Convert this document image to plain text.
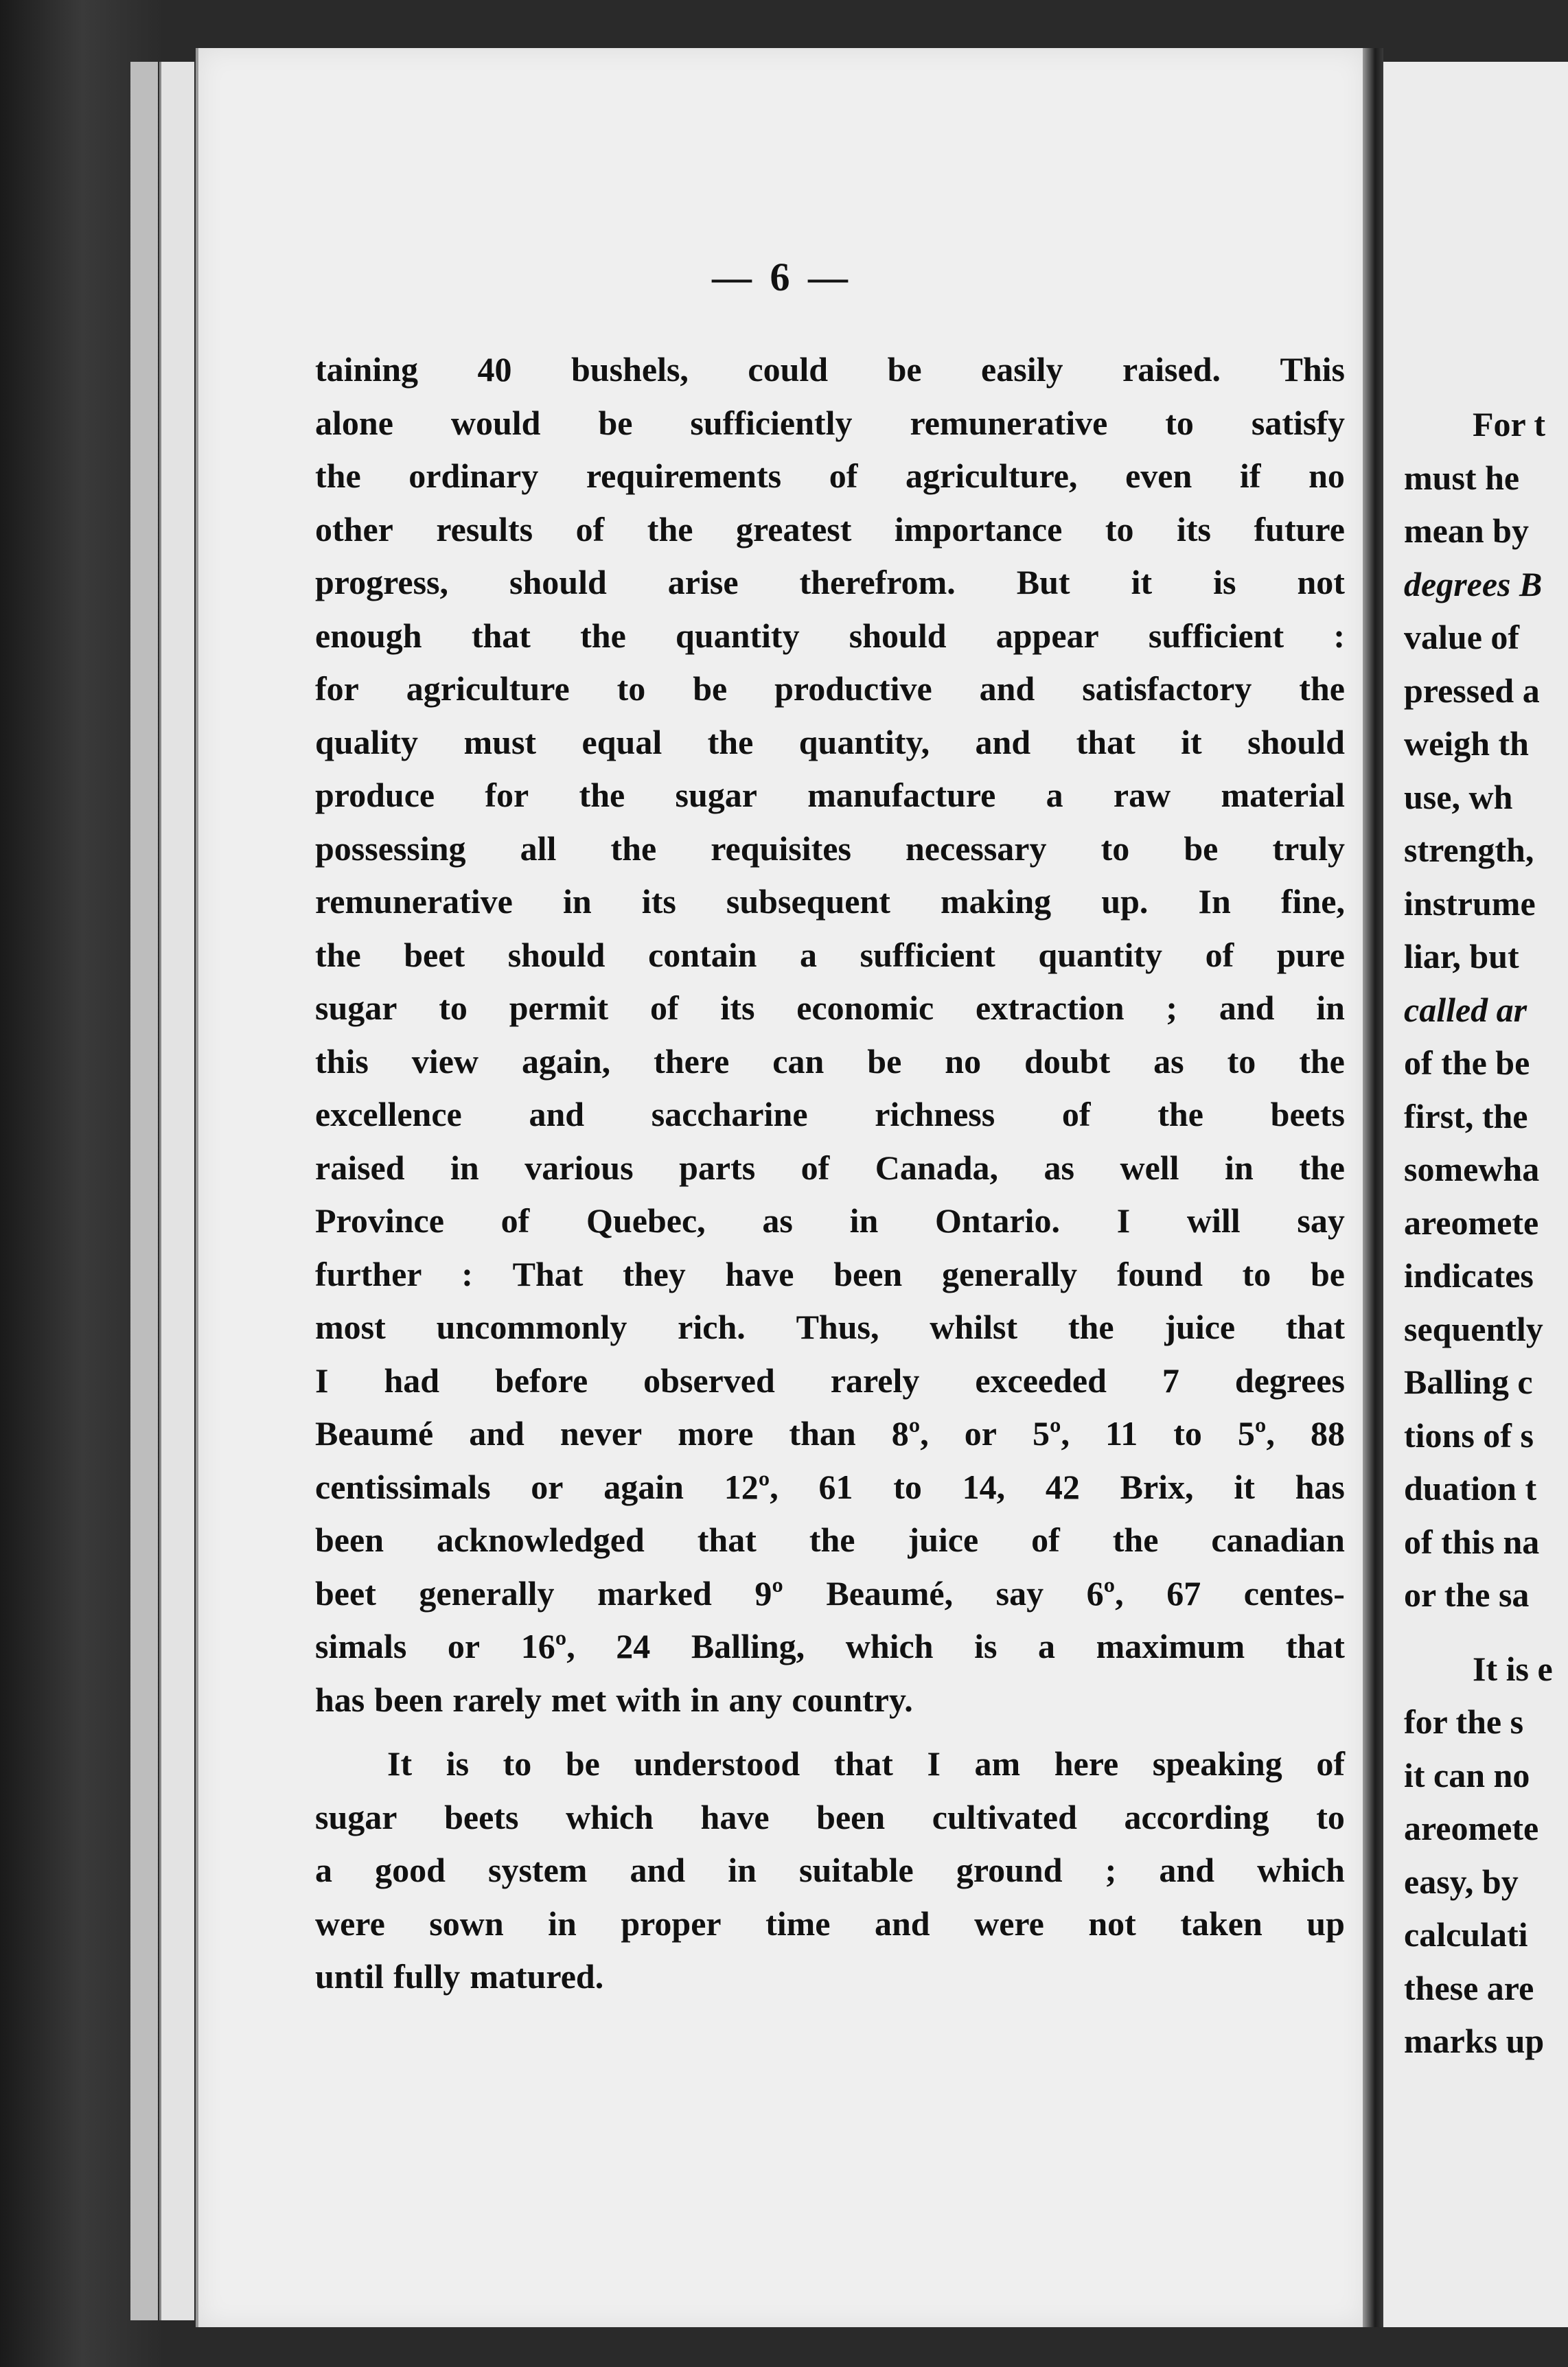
— 6 —
taining 40 bushels, could be easily raised. This
alone would be sufficiently remunerative to satisfy
the ordinary requirements of agriculture, even if no
other results of the greatest importance to its future
progress, should arise therefrom. But it is not
enough that the quantity should appear sufficient :
for agriculture to be productive and satisfactory the
quality must equal the quantity, and that it should
produce for the sugar manufacture a raw material
possessing all the requisites necessary to be truly
remunerative in its subsequent making up. In fine,
the beet should contain a sufficient quantity of pure
sugar to permit of its economic extraction ; and in
this view again, there can be no doubt as to the
excellence and saccharine richness of the beets
raised in various parts of Canada, as well in the
Province of Quebec, as in Ontario. I will say
further : That they have been generally found to be
most uncommonly rich. Thus, whilst the juice that
I had before observed rarely exceeded 7 degrees
Beaumé and never more than 8º, or 5º, 11 to 5º, 88
centissimals or again 12º, 61 to 14, 42 Brix, it has
been acknowledged that the juice of the canadian
beet generally marked 9º Beaumé, say 6º, 67 centes-
simals or 16º, 24 Balling, which is a maximum that
has been rarely met with in any country.
It is to be understood that I am here speaking of
sugar beets which have been cultivated according to
a good system and in suitable ground ; and which
were sown in proper time and were not taken up
until fully matured.
For t
must he
mean by
degrees B
value of
pressed a
weigh th
use, wh
strength,
instrume
liar, but
called ar
of the be
first, the
somewha
areomete
indicates
sequently
Balling c
tions of s
duation t
of this na
or the sa
It is e
for the s
it can no
areomete
easy, by
calculati
these are
marks up
